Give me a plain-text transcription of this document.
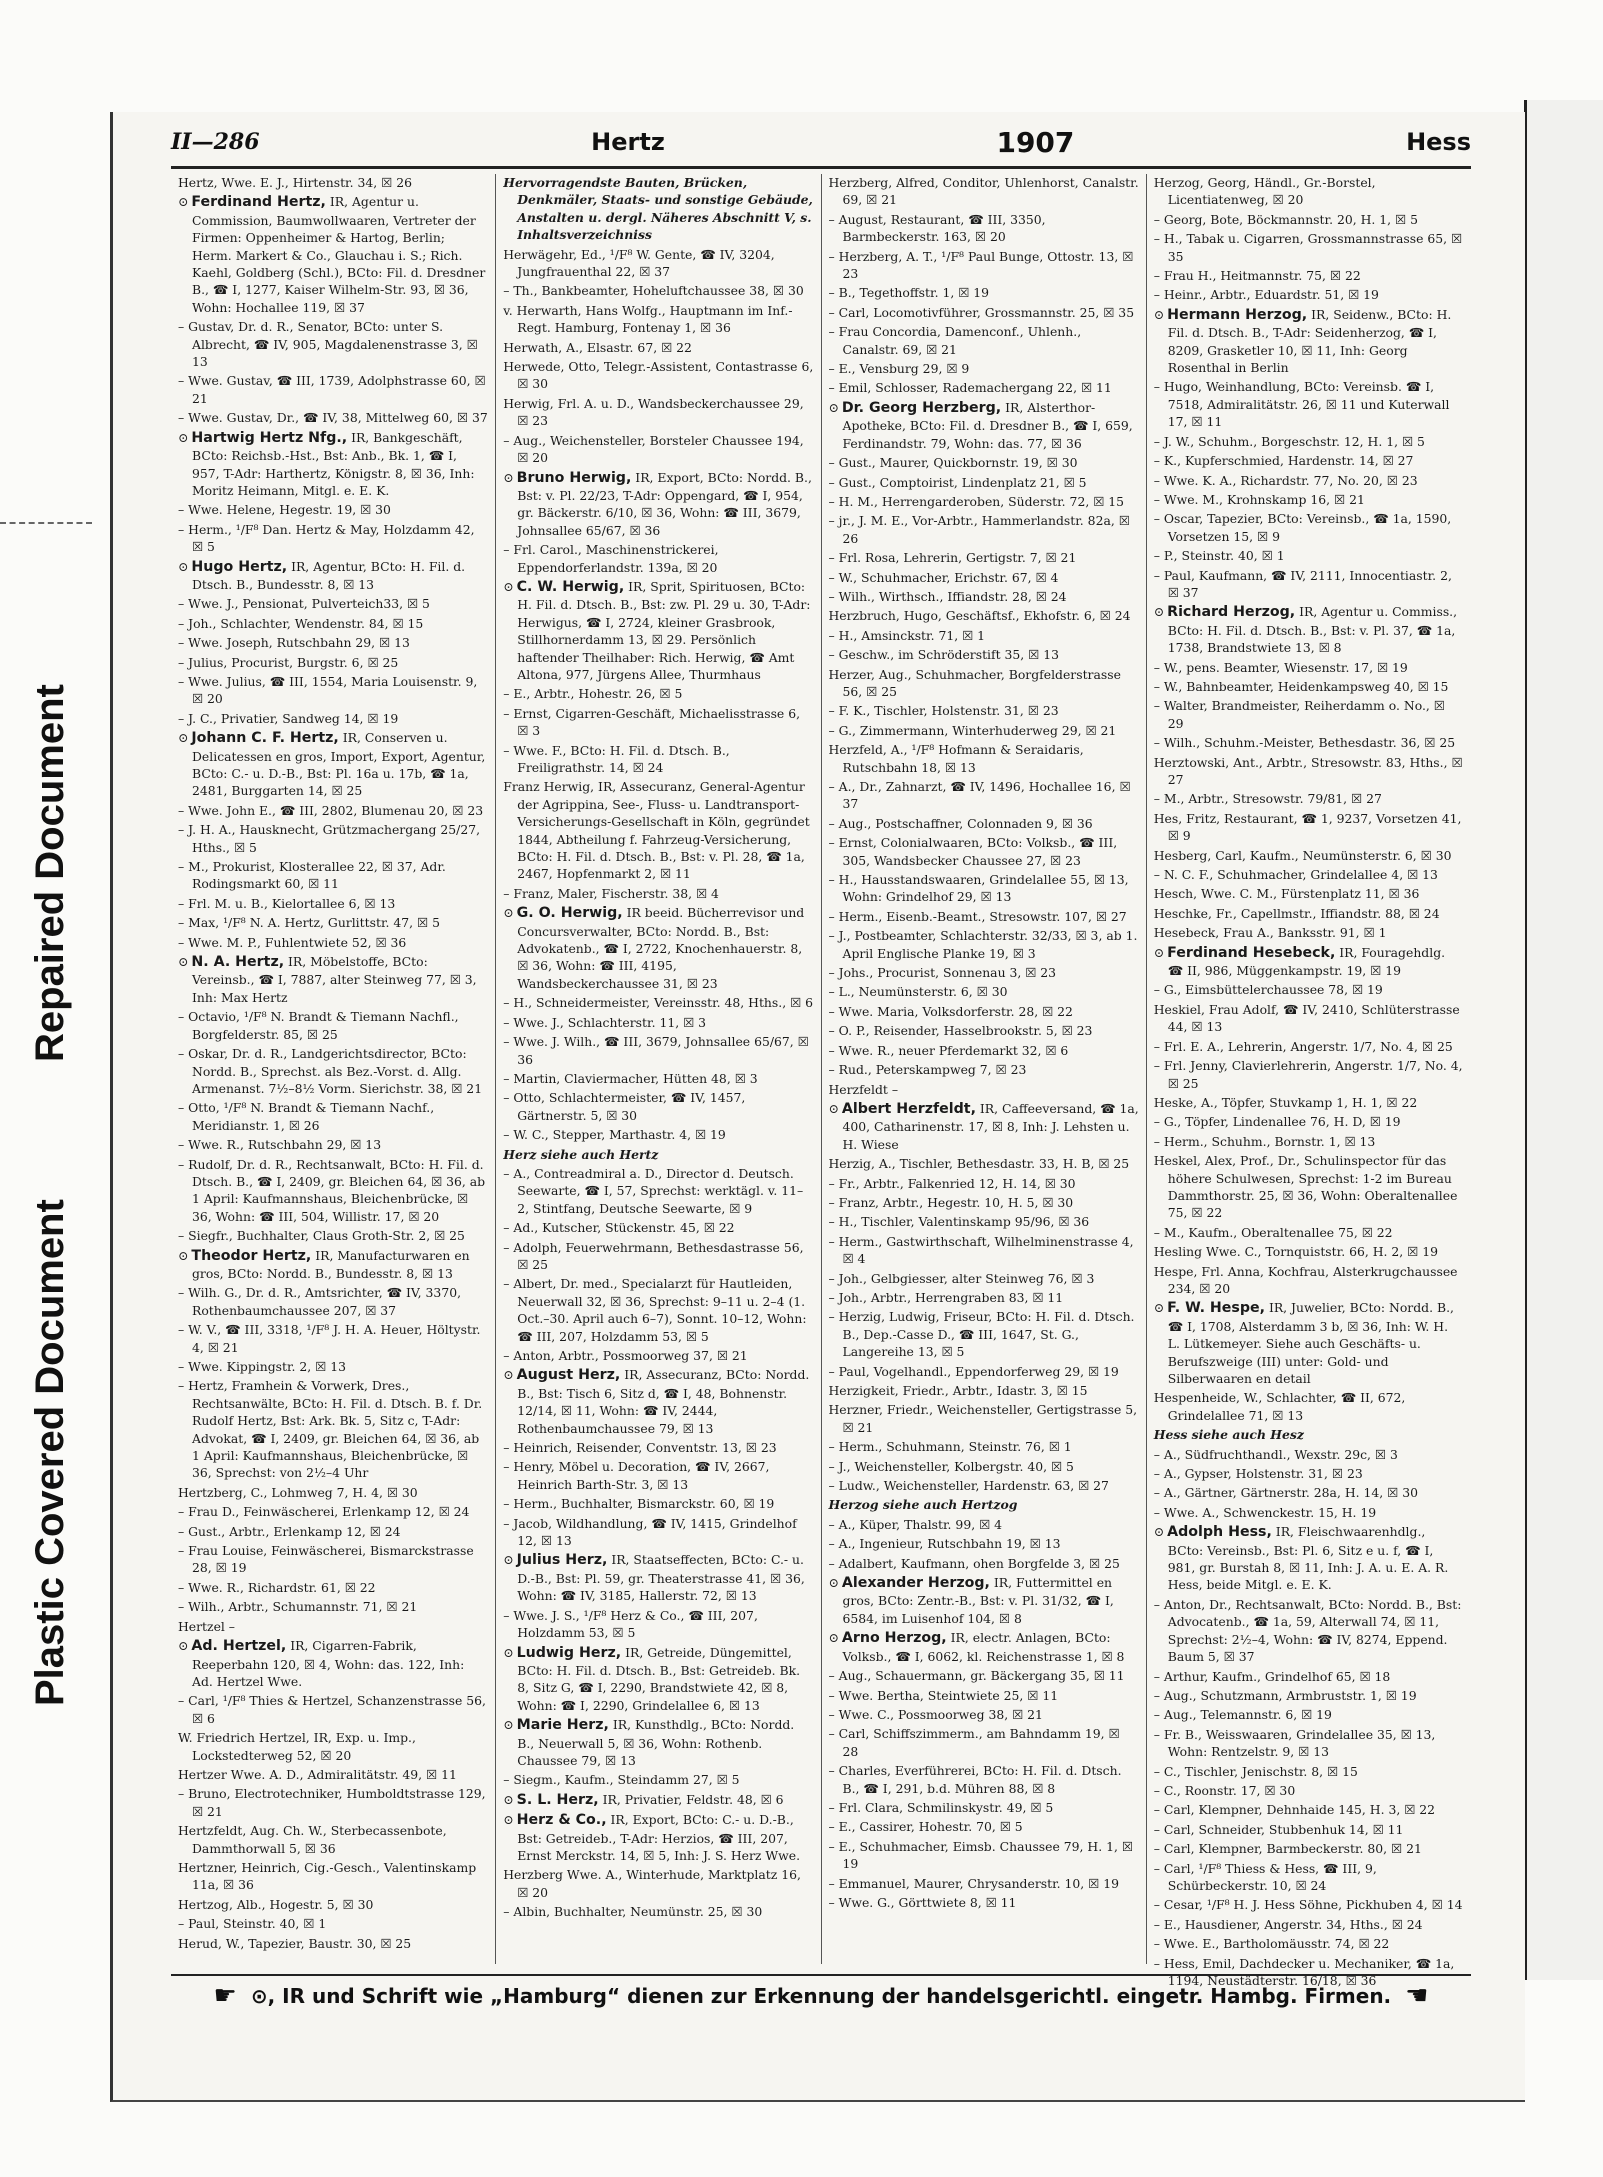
Repaired Document
Plastic Covered Document
II—286	Hertz	1907	Hess
Hertz, Wwe. E. J., Hirtenstr. 34, ☒ 26
⊙ Ferdinand Hertz, IR, Agentur u. Commission, Baumwollwaaren, Vertreter der Firmen: Oppenheimer & Hartog, Berlin; Herm. Markert & Co., Glauchau i. S.; Rich. Kaehl, Goldberg (Schl.), BCto: Fil. d. Dresdner B., ☎ I, 1277, Kaiser Wilhelm-Str. 93, ☒ 36, Wohn: Hochallee 119, ☒ 37
– Gustav, Dr. d. R., Senator, BCto: unter S. Albrecht, ☎ IV, 905, Magdalenenstrasse 3, ☒ 13
– Wwe. Gustav, ☎ III, 1739, Adolphstrasse 60, ☒ 21
– Wwe. Gustav, Dr., ☎ IV, 38, Mittelweg 60, ☒ 37
⊙ Hartwig Hertz Nfg., IR, Bankgeschäft, BCto: Reichsb.-Hst., Bst: Anb., Bk. 1, ☎ I, 957, T-Adr: Harthertz, Königstr. 8, ☒ 36, Inh: Moritz Heimann, Mitgl. e. E. K.
– Wwe. Helene, Hegestr. 19, ☒ 30
– Herm., ¹/F⁸ Dan. Hertz & May, Holzdamm 42, ☒ 5
⊙ Hugo Hertz, IR, Agentur, BCto: H. Fil. d. Dtsch. B., Bundesstr. 8, ☒ 13
– Wwe. J., Pensionat, Pulverteich33, ☒ 5
– Joh., Schlachter, Wendenstr. 84, ☒ 15
– Wwe. Joseph, Rutschbahn 29, ☒ 13
– Julius, Procurist, Burgstr. 6, ☒ 25
– Wwe. Julius, ☎ III, 1554, Maria Louisenstr. 9, ☒ 20
– J. C., Privatier, Sandweg 14, ☒ 19
⊙ Johann C. F. Hertz, IR, Conserven u. Delicatessen en gros, Import, Export, Agentur, BCto: C.- u. D.-B., Bst: Pl. 16a u. 17b, ☎ 1a, 2481, Burggarten 14, ☒ 25
– Wwe. John E., ☎ III, 2802, Blumenau 20, ☒ 23
– J. H. A., Hausknecht, Grützmachergang 25/27, Hths., ☒ 5
– M., Prokurist, Klosterallee 22, ☒ 37, Adr. Rodingsmarkt 60, ☒ 11
– Frl. M. u. B., Kielortallee 6, ☒ 13
– Max, ¹/F⁸ N. A. Hertz, Gurlittstr. 47, ☒ 5
– Wwe. M. P., Fuhlentwiete 52, ☒ 36
⊙ N. A. Hertz, IR, Möbelstoffe, BCto: Vereinsb., ☎ I, 7887, alter Steinweg 77, ☒ 3, Inh: Max Hertz
– Octavio, ¹/F⁸ N. Brandt & Tiemann Nachfl., Borgfelderstr. 85, ☒ 25
– Oskar, Dr. d. R., Landgerichtsdirector, BCto: Nordd. B., Sprechst. als Bez.-Vorst. d. Allg. Armenanst. 7½–8½ Vorm. Sierichstr. 38, ☒ 21
– Otto, ¹/F⁸ N. Brandt & Tiemann Nachf., Meridianstr. 1, ☒ 26
– Wwe. R., Rutschbahn 29, ☒ 13
– Rudolf, Dr. d. R., Rechtsanwalt, BCto: H. Fil. d. Dtsch. B., ☎ I, 2409, gr. Bleichen 64, ☒ 36, ab 1 April: Kaufmannshaus, Bleichenbrücke, ☒ 36, Wohn: ☎ III, 504, Willistr. 17, ☒ 20
– Siegfr., Buchhalter, Claus Groth-Str. 2, ☒ 25
⊙ Theodor Hertz, IR, Manufacturwaren en gros, BCto: Nordd. B., Bundesstr. 8, ☒ 13
– Wilh. G., Dr. d. R., Amtsrichter, ☎ IV, 3370, Rothenbaumchaussee 207, ☒ 37
– W. V., ☎ III, 3318, ¹/F⁸ J. H. A. Heuer, Höltystr. 4, ☒ 21
– Wwe. Kippingstr. 2, ☒ 13
– Hertz, Framhein & Vorwerk, Dres., Rechtsanwälte, BCto: H. Fil. d. Dtsch. B. f. Dr. Rudolf Hertz, Bst: Ark. Bk. 5, Sitz c, T-Adr: Advokat, ☎ I, 2409, gr. Bleichen 64, ☒ 36, ab 1 April: Kaufmannshaus, Bleichenbrücke, ☒ 36, Sprechst: von 2½–4 Uhr
Hertzberg, C., Lohmweg 7, H. 4, ☒ 30
– Frau D., Feinwäscherei, Erlenkamp 12, ☒ 24
– Gust., Arbtr., Erlenkamp 12, ☒ 24
– Frau Louise, Feinwäscherei, Bismarckstrasse 28, ☒ 19
– Wwe. R., Richardstr. 61, ☒ 22
– Wilh., Arbtr., Schumannstr. 71, ☒ 21
Hertzel –
⊙ Ad. Hertzel, IR, Cigarren-Fabrik, Reeperbahn 120, ☒ 4, Wohn: das. 122, Inh: Ad. Hertzel Wwe.
– Carl, ¹/F⁸ Thies & Hertzel, Schanzenstrasse 56, ☒ 6
W. Friedrich Hertzel, IR, Exp. u. Imp., Lockstedterweg 52, ☒ 20
Hertzer Wwe. A. D., Admiralitätstr. 49, ☒ 11
– Bruno, Electrotechniker, Humboldtstrasse 129, ☒ 21
Hertzfeldt, Aug. Ch. W., Sterbecassenbote, Dammthorwall 5, ☒ 36
Hertzner, Heinrich, Cig.-Gesch., Valentinskamp 11a, ☒ 36
Hertzog, Alb., Hogestr. 5, ☒ 30
– Paul, Steinstr. 40, ☒ 1
Herud, W., Tapezier, Baustr. 30, ☒ 25
Hervorragendste Bauten, Brücken, Denkmäler, Staats- und sonstige Gebäude, Anstalten u. dergl. Näheres Abschnitt V, s. Inhaltsverzeichniss
Herwägehr, Ed., ¹/F⁸ W. Gente, ☎ IV, 3204, Jungfrauenthal 22, ☒ 37
– Th., Bankbeamter, Hoheluftchaussee 38, ☒ 30
v. Herwarth, Hans Wolfg., Hauptmann im Inf.-Regt. Hamburg, Fontenay 1, ☒ 36
Herwath, A., Elsastr. 67, ☒ 22
Herwede, Otto, Telegr.-Assistent, Contastrasse 6, ☒ 30
Herwig, Frl. A. u. D., Wandsbeckerchaussee 29, ☒ 23
– Aug., Weichensteller, Borsteler Chaussee 194, ☒ 20
⊙ Bruno Herwig, IR, Export, BCto: Nordd. B., Bst: v. Pl. 22/23, T-Adr: Oppengard, ☎ I, 954, gr. Bäckerstr. 6/10, ☒ 36, Wohn: ☎ III, 3679, Johnsallee 65/67, ☒ 36
– Frl. Carol., Maschinenstrickerei, Eppendorferlandstr. 139a, ☒ 20
⊙ C. W. Herwig, IR, Sprit, Spirituosen, BCto: H. Fil. d. Dtsch. B., Bst: zw. Pl. 29 u. 30, T-Adr: Herwigus, ☎ I, 2724, kleiner Grasbrook, Stillhornerdamm 13, ☒ 29. Persönlich haftender Theilhaber: Rich. Herwig, ☎ Amt Altona, 977, Jürgens Allee, Thurmhaus
– E., Arbtr., Hohestr. 26, ☒ 5
– Ernst, Cigarren-Geschäft, Michaelisstrasse 6, ☒ 3
– Wwe. F., BCto: H. Fil. d. Dtsch. B., Freiligrathstr. 14, ☒ 24
Franz Herwig, IR, Assecuranz, General-Agentur der Agrippina, See-, Fluss- u. Landtransport-Versicherungs-Gesellschaft in Köln, gegründet 1844, Abtheilung f. Fahrzeug-Versicherung, BCto: H. Fil. d. Dtsch. B., Bst: v. Pl. 28, ☎ 1a, 2467, Hopfenmarkt 2, ☒ 11
– Franz, Maler, Fischerstr. 38, ☒ 4
⊙ G. O. Herwig, IR beeid. Bücherrevisor und Concursverwalter, BCto: Nordd. B., Bst: Advokatenb., ☎ I, 2722, Knochenhauerstr. 8, ☒ 36, Wohn: ☎ III, 4195, Wandsbeckerchaussee 31, ☒ 23
– H., Schneidermeister, Vereinsstr. 48, Hths., ☒ 6
– Wwe. J., Schlachterstr. 11, ☒ 3
– Wwe. J. Wilh., ☎ III, 3679, Johnsallee 65/67, ☒ 36
– Martin, Claviermacher, Hütten 48, ☒ 3
– Otto, Schlachtermeister, ☎ IV, 1457, Gärtnerstr. 5, ☒ 30
– W. C., Stepper, Marthastr. 4, ☒ 19
Herz siehe auch Hertz
– A., Contreadmiral a. D., Director d. Deutsch. Seewarte, ☎ I, 57, Sprechst: werktägl. v. 11–2, Stintfang, Deutsche Seewarte, ☒ 9
– Ad., Kutscher, Stückenstr. 45, ☒ 22
– Adolph, Feuerwehrmann, Bethesdastrasse 56, ☒ 25
– Albert, Dr. med., Specialarzt für Hautleiden, Neuerwall 32, ☒ 36, Sprechst: 9–11 u. 2–4 (1. Oct.–30. April auch 6–7), Sonnt. 10–12, Wohn: ☎ III, 207, Holzdamm 53, ☒ 5
– Anton, Arbtr., Possmoorweg 37, ☒ 21
⊙ August Herz, IR, Assecuranz, BCto: Nordd. B., Bst: Tisch 6, Sitz d, ☎ I, 48, Bohnenstr. 12/14, ☒ 11, Wohn: ☎ IV, 2444, Rothenbaumchaussee 79, ☒ 13
– Heinrich, Reisender, Conventstr. 13, ☒ 23
– Henry, Möbel u. Decoration, ☎ IV, 2667, Heinrich Barth-Str. 3, ☒ 13
– Herm., Buchhalter, Bismarckstr. 60, ☒ 19
– Jacob, Wildhandlung, ☎ IV, 1415, Grindelhof 12, ☒ 13
⊙ Julius Herz, IR, Staatseffecten, BCto: C.- u. D.-B., Bst: Pl. 59, gr. Theaterstrasse 41, ☒ 36, Wohn: ☎ IV, 3185, Hallerstr. 72, ☒ 13
– Wwe. J. S., ¹/F⁸ Herz & Co., ☎ III, 207, Holzdamm 53, ☒ 5
⊙ Ludwig Herz, IR, Getreide, Düngemittel, BCto: H. Fil. d. Dtsch. B., Bst: Getreideb. Bk. 8, Sitz G, ☎ I, 2290, Brandstwiete 42, ☒ 8, Wohn: ☎ I, 2290, Grindelallee 6, ☒ 13
⊙ Marie Herz, IR, Kunsthdlg., BCto: Nordd. B., Neuerwall 5, ☒ 36, Wohn: Rothenb. Chaussee 79, ☒ 13
– Siegm., Kaufm., Steindamm 27, ☒ 5
⊙ S. L. Herz, IR, Privatier, Feldstr. 48, ☒ 6
⊙ Herz & Co., IR, Export, BCto: C.- u. D.-B., Bst: Getreideb., T-Adr: Herzios, ☎ III, 207, Ernst Merckstr. 14, ☒ 5, Inh: J. S. Herz Wwe.
Herzberg Wwe. A., Winterhude, Marktplatz 16, ☒ 20
– Albin, Buchhalter, Neumünstr. 25, ☒ 30
Herzberg, Alfred, Conditor, Uhlenhorst, Canalstr. 69, ☒ 21
– August, Restaurant, ☎ III, 3350, Barmbeckerstr. 163, ☒ 20
– Herzberg, A. T., ¹/F⁸ Paul Bunge, Ottostr. 13, ☒ 23
– B., Tegethoffstr. 1, ☒ 19
– Carl, Locomotivführer, Grossmannstr. 25, ☒ 35
– Frau Concordia, Damenconf., Uhlenh., Canalstr. 69, ☒ 21
– E., Vensburg 29, ☒ 9
– Emil, Schlosser, Rademachergang 22, ☒ 11
⊙ Dr. Georg Herzberg, IR, Alsterthor-Apotheke, BCto: Fil. d. Dresdner B., ☎ I, 659, Ferdinandstr. 79, Wohn: das. 77, ☒ 36
– Gust., Maurer, Quickbornstr. 19, ☒ 30
– Gust., Comptoirist, Lindenplatz 21, ☒ 5
– H. M., Herrengarderoben, Süderstr. 72, ☒ 15
– jr., J. M. E., Vor-Arbtr., Hammerlandstr. 82a, ☒ 26
– Frl. Rosa, Lehrerin, Gertigstr. 7, ☒ 21
– W., Schuhmacher, Erichstr. 67, ☒ 4
– Wilh., Wirthsch., Iffiandstr. 28, ☒ 24
Herzbruch, Hugo, Geschäftsf., Ekhofstr. 6, ☒ 24
– H., Amsinckstr. 71, ☒ 1
– Geschw., im Schröderstift 35, ☒ 13
Herzer, Aug., Schuhmacher, Borgfelderstrasse 56, ☒ 25
– F. K., Tischler, Holstenstr. 31, ☒ 23
– G., Zimmermann, Winterhuderweg 29, ☒ 21
Herzfeld, A., ¹/F⁸ Hofmann & Seraidaris, Rutschbahn 18, ☒ 13
– A., Dr., Zahnarzt, ☎ IV, 1496, Hochallee 16, ☒ 37
– Aug., Postschaffner, Colonnaden 9, ☒ 36
– Ernst, Colonialwaaren, BCto: Volksb., ☎ III, 305, Wandsbecker Chaussee 27, ☒ 23
– H., Hausstandswaaren, Grindelallee 55, ☒ 13, Wohn: Grindelhof 29, ☒ 13
– Herm., Eisenb.-Beamt., Stresowstr. 107, ☒ 27
– J., Postbeamter, Schlachterstr. 32/33, ☒ 3, ab 1. April Englische Planke 19, ☒ 3
– Johs., Procurist, Sonnenau 3, ☒ 23
– L., Neumünsterstr. 6, ☒ 30
– Wwe. Maria, Volksdorferstr. 28, ☒ 22
– O. P., Reisender, Hasselbrookstr. 5, ☒ 23
– Wwe. R., neuer Pferdemarkt 32, ☒ 6
– Rud., Peterskampweg 7, ☒ 23
Herzfeldt –
⊙ Albert Herzfeldt, IR, Caffeeversand, ☎ 1a, 400, Catharinenstr. 17, ☒ 8, Inh: J. Lehsten u. H. Wiese
Herzig, A., Tischler, Bethesdastr. 33, H. B, ☒ 25
– Fr., Arbtr., Falkenried 12, H. 14, ☒ 30
– Franz, Arbtr., Hegestr. 10, H. 5, ☒ 30
– H., Tischler, Valentinskamp 95/96, ☒ 36
– Herm., Gastwirthschaft, Wilhelminenstrasse 4, ☒ 4
– Joh., Gelbgiesser, alter Steinweg 76, ☒ 3
– Joh., Arbtr., Herrengraben 83, ☒ 11
– Herzig, Ludwig, Friseur, BCto: H. Fil. d. Dtsch. B., Dep.-Casse D., ☎ III, 1647, St. G., Langereihe 13, ☒ 5
– Paul, Vogelhandl., Eppendorferweg 29, ☒ 19
Herzigkeit, Friedr., Arbtr., Idastr. 3, ☒ 15
Herzner, Friedr., Weichensteller, Gertigstrasse 5, ☒ 21
– Herm., Schuhmann, Steinstr. 76, ☒ 1
– J., Weichensteller, Kolbergstr. 40, ☒ 5
– Ludw., Weichensteller, Hardenstr. 63, ☒ 27
Herzog siehe auch Hertzog
– A., Küper, Thalstr. 99, ☒ 4
– A., Ingenieur, Rutschbahn 19, ☒ 13
– Adalbert, Kaufmann, ohen Borgfelde 3, ☒ 25
⊙ Alexander Herzog, IR, Futtermittel en gros, BCto: Zentr.-B., Bst: v. Pl. 31/32, ☎ I, 6584, im Luisenhof 104, ☒ 8
⊙ Arno Herzog, IR, electr. Anlagen, BCto: Volksb., ☎ I, 6062, kl. Reichenstrasse 1, ☒ 8
– Aug., Schauermann, gr. Bäckergang 35, ☒ 11
– Wwe. Bertha, Steintwiete 25, ☒ 11
– Wwe. C., Possmoorweg 38, ☒ 21
– Carl, Schiffszimmerm., am Bahndamm 19, ☒ 28
– Charles, Everführerei, BCto: H. Fil. d. Dtsch. B., ☎ I, 291, b.d. Mühren 88, ☒ 8
– Frl. Clara, Schmilinskystr. 49, ☒ 5
– E., Cassirer, Hohestr. 70, ☒ 5
– E., Schuhmacher, Eimsb. Chaussee 79, H. 1, ☒ 19
– Emmanuel, Maurer, Chrysanderstr. 10, ☒ 19
– Wwe. G., Görttwiete 8, ☒ 11
Herzog, Georg, Händl., Gr.-Borstel, Licentiatenweg, ☒ 20
– Georg, Bote, Böckmannstr. 20, H. 1, ☒ 5
– H., Tabak u. Cigarren, Grossmannstrasse 65, ☒ 35
– Frau H., Heitmannstr. 75, ☒ 22
– Heinr., Arbtr., Eduardstr. 51, ☒ 19
⊙ Hermann Herzog, IR, Seidenw., BCto: H. Fil. d. Dtsch. B., T-Adr: Seidenherzog, ☎ I, 8209, Grasketler 10, ☒ 11, Inh: Georg Rosenthal in Berlin
– Hugo, Weinhandlung, BCto: Vereinsb. ☎ I, 7518, Admiralitätstr. 26, ☒ 11 und Kuterwall 17, ☒ 11
– J. W., Schuhm., Borgeschstr. 12, H. 1, ☒ 5
– K., Kupferschmied, Hardenstr. 14, ☒ 27
– Wwe. K. A., Richardstr. 77, No. 20, ☒ 23
– Wwe. M., Krohnskamp 16, ☒ 21
– Oscar, Tapezier, BCto: Vereinsb., ☎ 1a, 1590, Vorsetzen 15, ☒ 9
– P., Steinstr. 40, ☒ 1
– Paul, Kaufmann, ☎ IV, 2111, Innocentiastr. 2, ☒ 37
⊙ Richard Herzog, IR, Agentur u. Commiss., BCto: H. Fil. d. Dtsch. B., Bst: v. Pl. 37, ☎ 1a, 1738, Brandstwiete 13, ☒ 8
– W., pens. Beamter, Wiesenstr. 17, ☒ 19
– W., Bahnbeamter, Heidenkampsweg 40, ☒ 15
– Walter, Brandmeister, Reiherdamm o. No., ☒ 29
– Wilh., Schuhm.-Meister, Bethesdastr. 36, ☒ 25
Herztowski, Ant., Arbtr., Stresowstr. 83, Hths., ☒ 27
– M., Arbtr., Stresowstr. 79/81, ☒ 27
Hes, Fritz, Restaurant, ☎ 1, 9237, Vorsetzen 41, ☒ 9
Hesberg, Carl, Kaufm., Neumünsterstr. 6, ☒ 30
– N. C. F., Schuhmacher, Grindelallee 4, ☒ 13
Hesch, Wwe. C. M., Fürstenplatz 11, ☒ 36
Heschke, Fr., Capellmstr., Iffiandstr. 88, ☒ 24
Hesebeck, Frau A., Banksstr. 91, ☒ 1
⊙ Ferdinand Hesebeck, IR, Fouragehdlg. ☎ II, 986, Müggenkampstr. 19, ☒ 19
– G., Eimsbüttelerchaussee 78, ☒ 19
Heskiel, Frau Adolf, ☎ IV, 2410, Schlüterstrasse 44, ☒ 13
– Frl. E. A., Lehrerin, Angerstr. 1/7, No. 4, ☒ 25
– Frl. Jenny, Clavierlehrerin, Angerstr. 1/7, No. 4, ☒ 25
Heske, A., Töpfer, Stuvkamp 1, H. 1, ☒ 22
– G., Töpfer, Lindenallee 76, H. D, ☒ 19
– Herm., Schuhm., Bornstr. 1, ☒ 13
Heskel, Alex, Prof., Dr., Schulinspector für das höhere Schulwesen, Sprechst: 1-2 im Bureau Dammthorstr. 25, ☒ 36, Wohn: Oberaltenallee 75, ☒ 22
– M., Kaufm., Oberaltenallee 75, ☒ 22
Hesling Wwe. C., Tornquiststr. 66, H. 2, ☒ 19
Hespe, Frl. Anna, Kochfrau, Alsterkrugchaussee 234, ☒ 20
⊙ F. W. Hespe, IR, Juwelier, BCto: Nordd. B., ☎ I, 1708, Alsterdamm 3 b, ☒ 36, Inh: W. H. L. Lütkemeyer. Siehe auch Geschäfts- u. Berufszweige (III) unter: Gold- und Silberwaaren en detail
Hespenheide, W., Schlachter, ☎ II, 672, Grindelallee 71, ☒ 13
Hess siehe auch Hesz
– A., Südfruchthandl., Wexstr. 29c, ☒ 3
– A., Gypser, Holstenstr. 31, ☒ 23
– A., Gärtner, Gärtnerstr. 28a, H. 14, ☒ 30
– Wwe. A., Schwenckestr. 15, H. 19
⊙ Adolph Hess, IR, Fleischwaarenhdlg., BCto: Vereinsb., Bst: Pl. 6, Sitz e u. f, ☎ I, 981, gr. Burstah 8, ☒ 11, Inh: J. A. u. E. A. R. Hess, beide Mitgl. e. E. K.
– Anton, Dr., Rechtsanwalt, BCto: Nordd. B., Bst: Advocatenb., ☎ 1a, 59, Alterwall 74, ☒ 11, Sprechst: 2½–4, Wohn: ☎ IV, 8274, Eppend. Baum 5, ☒ 37
– Arthur, Kaufm., Grindelhof 65, ☒ 18
– Aug., Schutzmann, Armbruststr. 1, ☒ 19
– Aug., Telemannstr. 6, ☒ 19
– Fr. B., Weisswaaren, Grindelallee 35, ☒ 13, Wohn: Rentzelstr. 9, ☒ 13
– C., Tischler, Jenischstr. 8, ☒ 15
– C., Roonstr. 17, ☒ 30
– Carl, Klempner, Dehnhaide 145, H. 3, ☒ 22
– Carl, Schneider, Stubbenhuk 14, ☒ 11
– Carl, Klempner, Barmbeckerstr. 80, ☒ 21
– Carl, ¹/F⁸ Thiess & Hess, ☎ III, 9, Schürbeckerstr. 10, ☒ 24
– Cesar, ¹/F⁸ H. J. Hess Söhne, Pickhuben 4, ☒ 14
– E., Hausdiener, Angerstr. 34, Hths., ☒ 24
– Wwe. E., Bartholomäusstr. 74, ☒ 22
– Hess, Emil, Dachdecker u. Mechaniker, ☎ 1a, 1194, Neustädterstr. 16/18, ☒ 36
☛ ⊙, IR und Schrift wie „Hamburg“ dienen zur Erkennung der handelsgerichtl. eingetr. Hambg. Firmen. ☚
